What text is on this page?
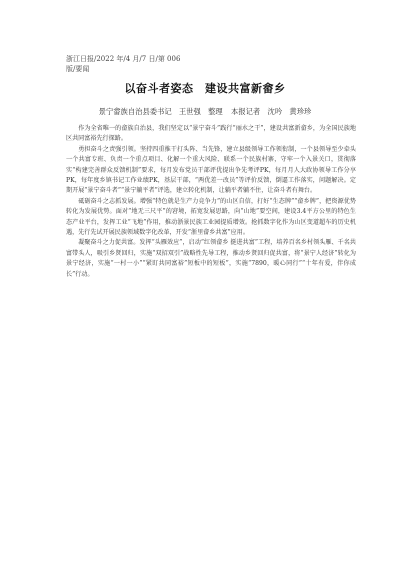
浙江日报/2022 年/4 月/7 日/第 006
版/要闻
以奋斗者姿态　建设共富新畲乡
景宁畲族自治县委书记　王世强　整理 本报记者　沈吟　黄珍珍

作为全省唯一的畲族自治县，我们坚定以“景宁奋斗”践行“丽水之干”，建设共富新畲乡，为全国民族地区共同富裕先行探路。

勇担奋斗之责强引领。坚持四重推干打头阵、当先锋，建立县级领导工作领衔制，一个县领导至少牵头一个共富专班、负责一个重点项目、化解一个重大风险、联系一个民族村寨，守牢一个入景关口，贯彻落实“构建完善群众反馈机制”要求，每月发布党员干部评优提出争先考评PK，每月月人大政协领导工作分享PK，每年度乡镇书记工作业绩PK，基层干部，“两优差一改员”等评价反馈，倒逼工作落实，问题解决。定期开展“景宁奋斗者”“景宁躺平者”评选，建立转化机制，让躺平者躺不住，让奋斗者有舞台。

砥砺奋斗之志抓发展。增强“特色就是生产力竞争力”的山区自信，打好“生态牌”“畲乡牌”，把资源优势转化为发展优势。面对“地无三尺平”的窘境，拓宽发展思路，向“山地”要空间，建设3.4平方公里的特色生态产业平台，发挥工业“飞地”作用，推动浙景民族工业园提质增效。抢抓数字化作为山区变道超车的历史机遇，先行先试开展民族领域数字化改革，开发“浙里畲乡共富”应用。

凝聚奋斗之力促共富。发挥“头雁效应”，启动“红领畲乡 挺进共富”工程，培养百名乡村领头雁、千名共富带头人，吸引乡贤回归，实施“双招双引”战略性先导工程，推动乡贤回归促共富，将“景宁人经济”转化为景宁经济，实施“一村一小”“紧盯共同富裕”短板中的短板”，实施“7890，暖心同行”“十年有爱，伴你成长”行动。
